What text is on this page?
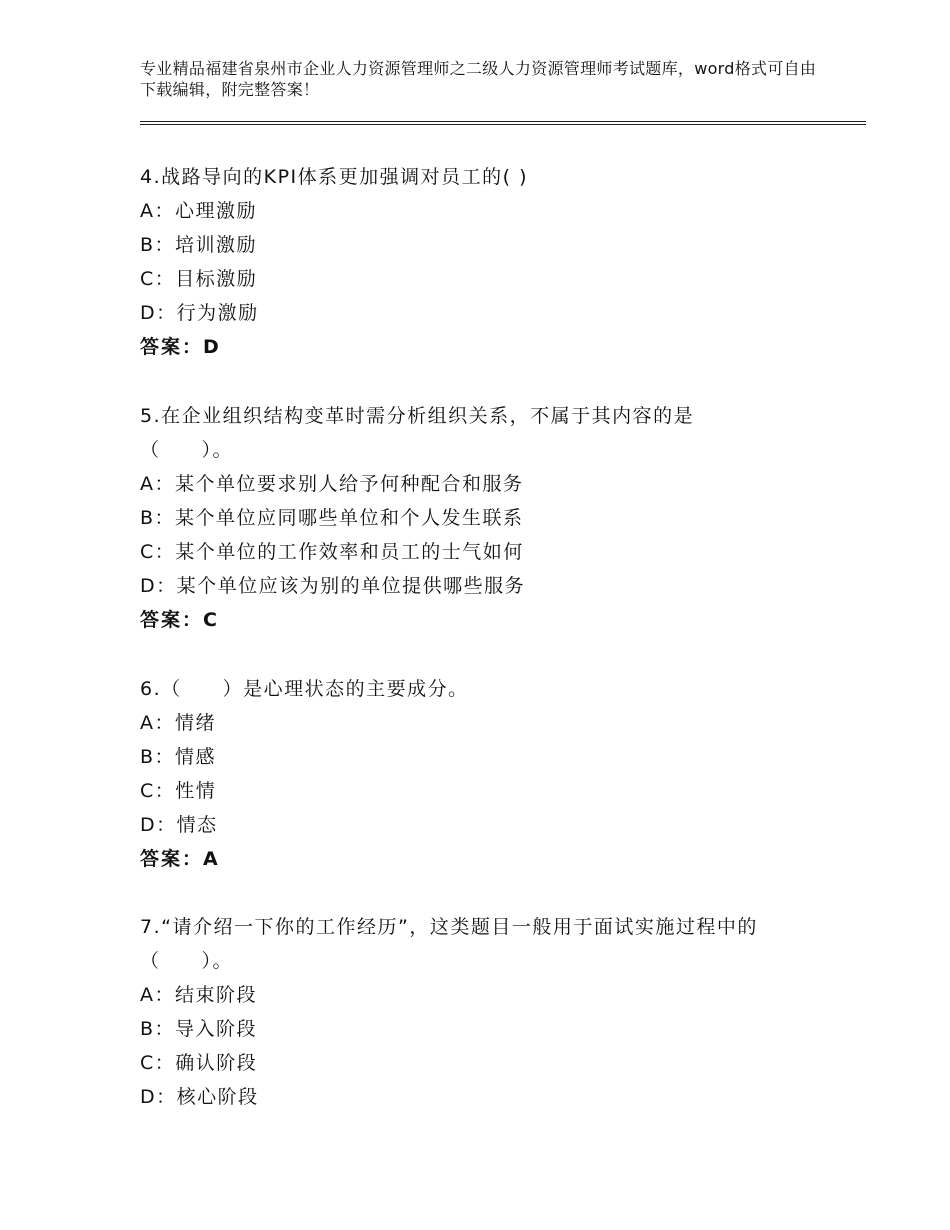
专业精品福建省泉州市企业人力资源管理师之二级人力资源管理师考试题库，word格式可自由下载编辑，附完整答案！
4.战路导向的KPI体系更加强调对员工的( )
A：心理激励
B：培训激励
C：目标激励
D：行为激励
答案：D
5.在企业组织结构变革时需分析组织关系，不属于其内容的是（　　）。
A：某个单位要求别人给予何种配合和服务
B：某个单位应同哪些单位和个人发生联系
C：某个单位的工作效率和员工的士气如何
D：某个单位应该为别的单位提供哪些服务
答案：C
6.（　　）是心理状态的主要成分。
A：情绪
B：情感
C：性情
D：情态
答案：A
7.“请介绍一下你的工作经历”，这类题目一般用于面试实施过程中的（　　）。
A：结束阶段
B：导入阶段
C：确认阶段
D：核心阶段
